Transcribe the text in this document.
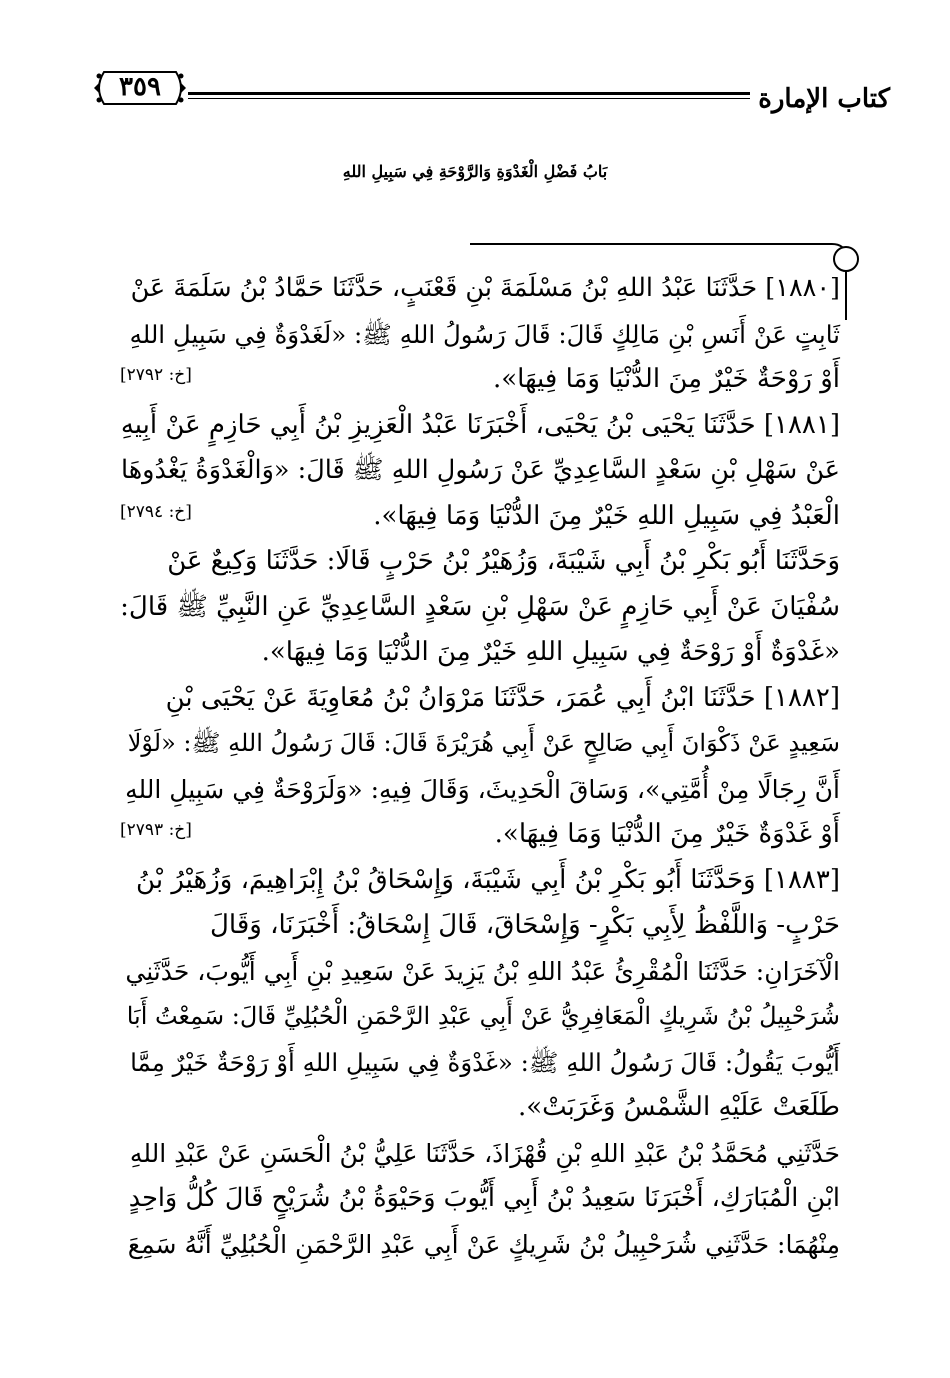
كتاب الإمارة
٣٥٩
بَابُ فَضْلِ الْغَدْوَةِ وَالرَّوْحَةِ فِي سَبِيلِ اللهِ
[١٨٨٠] حَدَّثَنَا عَبْدُ اللهِ بْنُ مَسْلَمَةَ بْنِ قَعْنَبٍ، حَدَّثَنَا حَمَّادُ بْنُ سَلَمَةَ عَنْ
ثَابِتٍ عَنْ أَنَسِ بْنِ مَالِكٍ قَالَ: قَالَ رَسُولُ اللهِ ﷺ: «لَغَدْوَةٌ فِي سَبِيلِ اللهِ
أَوْ رَوْحَةٌ خَيْرٌ مِنَ الدُّنْيَا وَمَا فِيهَا».
[خ: ٢٧٩٢]
[١٨٨١] حَدَّثَنَا يَحْيَى بْنُ يَحْيَى، أَخْبَرَنَا عَبْدُ الْعَزِيزِ بْنُ أَبِي حَازِمٍ عَنْ أَبِيهِ
عَنْ سَهْلِ بْنِ سَعْدٍ السَّاعِدِيِّ عَنْ رَسُولِ اللهِ ﷺ قَالَ: «وَالْغَدْوَةُ يَغْدُوهَا
الْعَبْدُ فِي سَبِيلِ اللهِ خَيْرٌ مِنَ الدُّنْيَا وَمَا فِيهَا».
[خ: ٢٧٩٤]
وَحَدَّثَنَا أَبُو بَكْرِ بْنُ أَبِي شَيْبَةَ، وَزُهَيْرُ بْنُ حَرْبٍ قَالَا: حَدَّثَنَا وَكِيعٌ عَنْ
سُفْيَانَ عَنْ أَبِي حَازِمٍ عَنْ سَهْلِ بْنِ سَعْدٍ السَّاعِدِيِّ عَنِ النَّبِيِّ ﷺ قَالَ:
«غَدْوَةٌ أَوْ رَوْحَةٌ فِي سَبِيلِ اللهِ خَيْرٌ مِنَ الدُّنْيَا وَمَا فِيهَا».
[١٨٨٢] حَدَّثَنَا ابْنُ أَبِي عُمَرَ، حَدَّثَنَا مَرْوَانُ بْنُ مُعَاوِيَةَ عَنْ يَحْيَى بْنِ
سَعِيدٍ عَنْ ذَكْوَانَ أَبِي صَالِحٍ عَنْ أَبِي هُرَيْرَةَ قَالَ: قَالَ رَسُولُ اللهِ ﷺ: «لَوْلَا
أَنَّ رِجَالًا مِنْ أُمَّتِي»، وَسَاقَ الْحَدِيثَ، وَقَالَ فِيهِ: «وَلَرَوْحَةٌ فِي سَبِيلِ اللهِ
أَوْ غَدْوَةٌ خَيْرٌ مِنَ الدُّنْيَا وَمَا فِيهَا».
[خ: ٢٧٩٣]
[١٨٨٣] وَحَدَّثَنَا أَبُو بَكْرِ بْنُ أَبِي شَيْبَةَ، وَإِسْحَاقُ بْنُ إِبْرَاهِيمَ، وَزُهَيْرُ بْنُ
حَرْبٍ- وَاللَّفْظُ لِأَبِي بَكْرٍ- وَإِسْحَاقَ، قَالَ إِسْحَاقُ: أَخْبَرَنَا، وَقَالَ
الْآخَرَانِ: حَدَّثَنَا الْمُقْرِئُ عَبْدُ اللهِ بْنُ يَزِيدَ عَنْ سَعِيدِ بْنِ أَبِي أَيُّوبَ، حَدَّثَنِي
شُرَحْبِيلُ بْنُ شَرِيكٍ الْمَعَافِرِيُّ عَنْ أَبِي عَبْدِ الرَّحْمَنِ الْحُبُلِيِّ قَالَ: سَمِعْتُ أَبَا
أَيُّوبَ يَقُولُ: قَالَ رَسُولُ اللهِ ﷺ: «غَدْوَةٌ فِي سَبِيلِ اللهِ أَوْ رَوْحَةٌ خَيْرٌ مِمَّا
طَلَعَتْ عَلَيْهِ الشَّمْسُ وَغَرَبَتْ».
حَدَّثَنِي مُحَمَّدُ بْنُ عَبْدِ اللهِ بْنِ قُهْزَاذَ، حَدَّثَنَا عَلِيُّ بْنُ الْحَسَنِ عَنْ عَبْدِ اللهِ
ابْنِ الْمُبَارَكِ، أَخْبَرَنَا سَعِيدُ بْنُ أَبِي أَيُّوبَ وَحَيْوَةُ بْنُ شُرَيْحٍ قَالَ كُلُّ وَاحِدٍ
مِنْهُمَا: حَدَّثَنِي شُرَحْبِيلُ بْنُ شَرِيكٍ عَنْ أَبِي عَبْدِ الرَّحْمَنِ الْحُبُلِيِّ أَنَّهُ سَمِعَ
